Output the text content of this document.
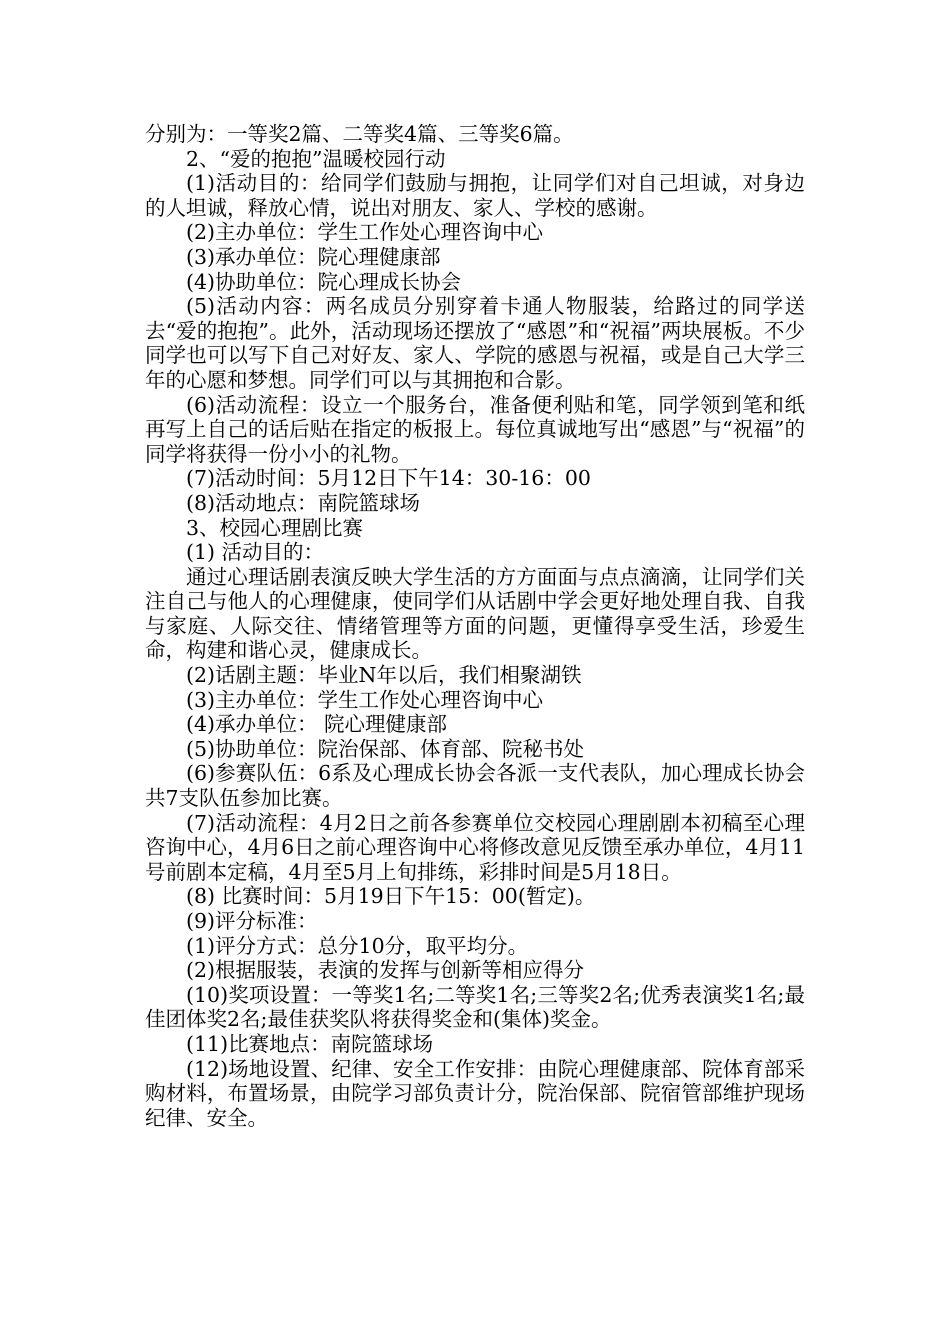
分别为：一等奖2篇、二等奖4篇、三等奖6篇。

2、“爱的抱抱”温暖校园行动

(1)活动目的：给同学们鼓励与拥抱，让同学们对自己坦诚，对身边的人坦诚，释放心情，说出对朋友、家人、学校的感谢。

(2)主办单位：学生工作处心理咨询中心

(3)承办单位：院心理健康部

(4)协助单位：院心理成长协会

(5)活动内容：两名成员分别穿着卡通人物服装，给路过的同学送去“爱的抱抱”。此外，活动现场还摆放了“感恩”和“祝福”两块展板。不少同学也可以写下自己对好友、家人、学院的感恩与祝福，或是自己大学三年的心愿和梦想。同学们可以与其拥抱和合影。

(6)活动流程：设立一个服务台，准备便利贴和笔，同学领到笔和纸再写上自己的话后贴在指定的板报上。每位真诚地写出“感恩”与“祝福”的同学将获得一份小小的礼物。

(7)活动时间：5月12日下午14：30-16：00

(8)活动地点：南院篮球场

3、校园心理剧比赛

(1) 活动目的：

通过心理话剧表演反映大学生活的方方面面与点点滴滴，让同学们关注自己与他人的心理健康，使同学们从话剧中学会更好地处理自我、自我与家庭、人际交往、情绪管理等方面的问题，更懂得享受生活，珍爱生命，构建和谐心灵，健康成长。

(2)话剧主题：毕业N年以后，我们相聚湖铁

(3)主办单位：学生工作处心理咨询中心

(4)承办单位： 院心理健康部

(5)协助单位：院治保部、体育部、院秘书处

(6)参赛队伍：6系及心理成长协会各派一支代表队，加心理成长协会共7支队伍参加比赛。

(7)活动流程：4月2日之前各参赛单位交校园心理剧剧本初稿至心理咨询中心，4月6日之前心理咨询中心将修改意见反馈至承办单位，4月11号前剧本定稿，4月至5月上旬排练，彩排时间是5月18日。

(8) 比赛时间：5月19日下午15：00(暂定)。

(9)评分标准：

(1)评分方式：总分10分，取平均分。

(2)根据服装，表演的发挥与创新等相应得分

(10)奖项设置：一等奖1名;二等奖1名;三等奖2名;优秀表演奖1名;最佳团体奖2名;最佳获奖队将获得奖金和(集体)奖金。

(11)比赛地点：南院篮球场

(12)场地设置、纪律、安全工作安排：由院心理健康部、院体育部采购材料，布置场景，由院学习部负责计分，院治保部、院宿管部维护现场纪律、安全。
